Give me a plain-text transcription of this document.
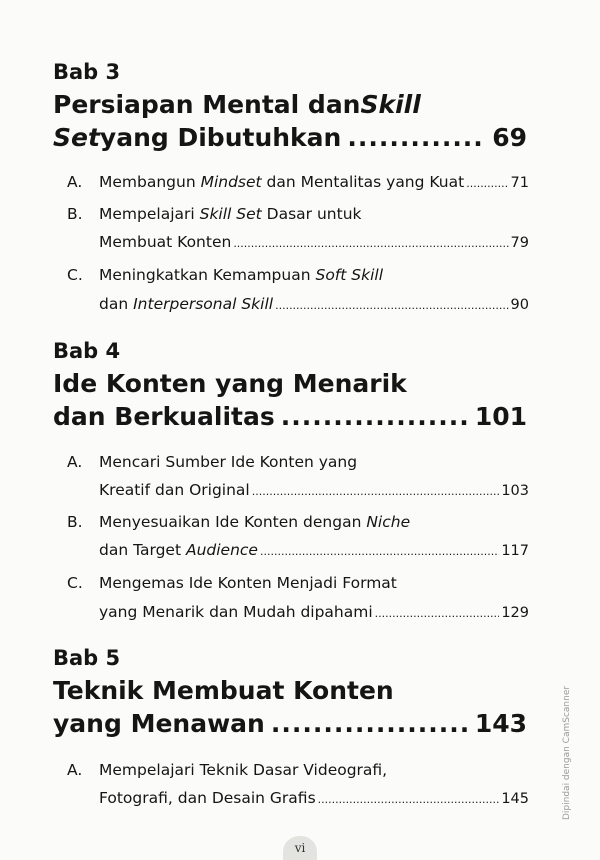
Bab 3
Persiapan Mental dan Skill
Set yang Dibutuhkan .....	69
A. Membangun Mindset dan Mentalitas yang Kuat .....	71
B. Mempelajari Skill Set Dasar untuk
Membuat Konten .....	79
C. Meningkatkan Kemampuan Soft Skill
dan Interpersonal Skill .....	90
Bab 4
Ide Konten yang Menarik
dan Berkualitas .....	101
A. Mencari Sumber Ide Konten yang
Kreatif dan Original .....	103
B. Menyesuaikan Ide Konten dengan Niche
dan Target Audience .....	117
C. Mengemas Ide Konten Menjadi Format
yang Menarik dan Mudah dipahami .....	129
Bab 5
Teknik Membuat Konten
yang Menawan .....	143
A. Mempelajari Teknik Dasar Videografi,
Fotografi, dan Desain Grafis .....	145
vi
Dipindai dengan CamScanner
